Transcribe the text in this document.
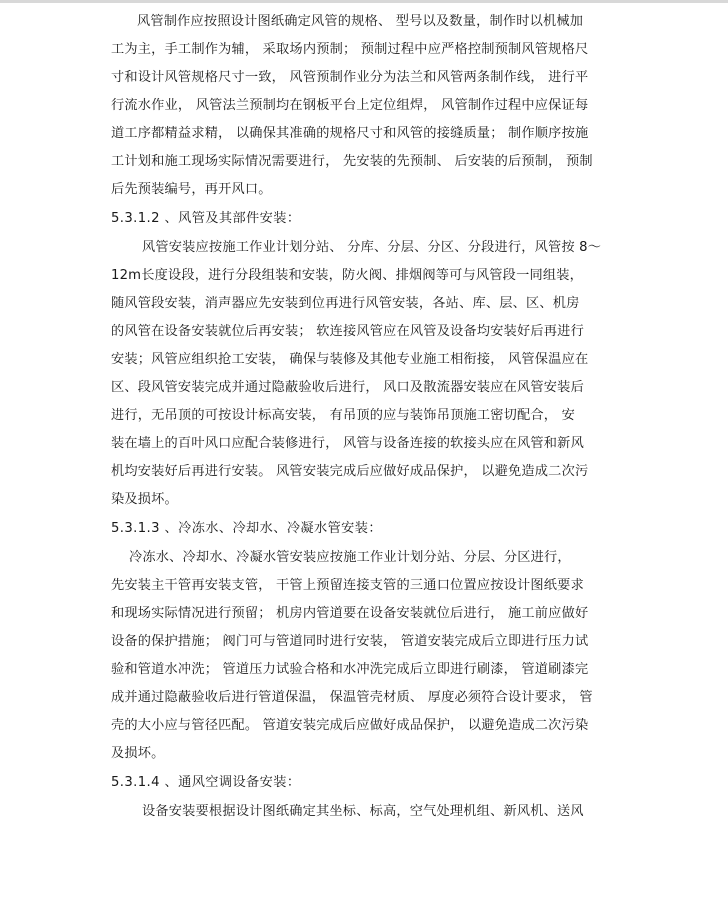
风管制作应按照设计图纸确定风管的规格、 型号以及数量，制作时以机械加
工为主，手工制作为辅， 采取场内预制； 预制过程中应严格控制预制风管规格尺
寸和设计风管规格尺寸一致， 风管预制作业分为法兰和风管两条制作线， 进行平
行流水作业， 风管法兰预制均在钢板平台上定位组焊， 风管制作过程中应保证每
道工序都精益求精， 以确保其准确的规格尺寸和风管的接缝质量； 制作顺序按施
工计划和施工现场实际情况需要进行， 先安装的先预制、 后安装的后预制， 预制
后先预装编号，再开风口。
5.3.1.2 、风管及其部件安装：
风管安装应按施工作业计划分站、 分库、分层、分区、分段进行，风管按 8～
12m长度设段，进行分段组装和安装，防火阀、排烟阀等可与风管段一同组装，
随风管段安装，消声器应先安装到位再进行风管安装，各站、库、层、区、机房
的风管在设备安装就位后再安装； 软连接风管应在风管及设备均安装好后再进行
安装；风管应组织抢工安装， 确保与装修及其他专业施工相衔接， 风管保温应在
区、段风管安装完成并通过隐蔽验收后进行， 风口及散流器安装应在风管安装后
进行，无吊顶的可按设计标高安装， 有吊顶的应与装饰吊顶施工密切配合， 安
装在墙上的百叶风口应配合装修进行， 风管与设备连接的软接头应在风管和新风
机均安装好后再进行安装。 风管安装完成后应做好成品保护， 以避免造成二次污
染及损坏。
5.3.1.3 、冷冻水、冷却水、冷凝水管安装：
冷冻水、冷却水、冷凝水管安装应按施工作业计划分站、分层、分区进行，
先安装主干管再安装支管， 干管上预留连接支管的三通口位置应按设计图纸要求
和现场实际情况进行预留； 机房内管道要在设备安装就位后进行， 施工前应做好
设备的保护措施； 阀门可与管道同时进行安装， 管道安装完成后立即进行压力试
验和管道水冲洗； 管道压力试验合格和水冲洗完成后立即进行刷漆， 管道刷漆完
成并通过隐蔽验收后进行管道保温， 保温管壳材质、 厚度必须符合设计要求， 管
壳的大小应与管径匹配。 管道安装完成后应做好成品保护， 以避免造成二次污染
及损坏。
5.3.1.4 、通风空调设备安装：
设备安装要根据设计图纸确定其坐标、标高，空气处理机组、新风机、送风
